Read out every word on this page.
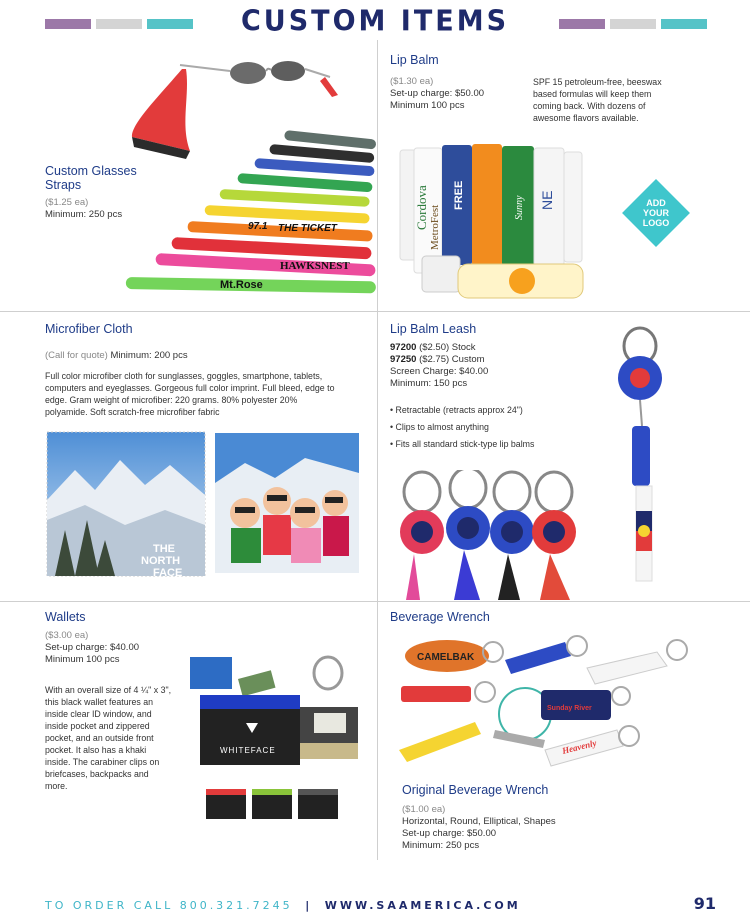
CUSTOM ITEMS
Custom Glasses Straps
($1.25 ea)
Minimum: 250 pcs
97.1 THE TICKET
HAWKSNEST
Mt.Rose
Lip Balm
($1.30 ea)
Set-up charge: $50.00
Minimum 100 pcs
SPF 15 petroleum-free, beeswax based formulas will keep them coming back. With dozens of awesome flavors available.
Cordova MetroFest
FREE	NE
Sunny	ADD
YOUR
LOGO
Microfiber Cloth
(Call for quote) Minimum: 200 pcs
Full color microfiber cloth for sunglasses, goggles, smartphone, tablets, computers and eyeglasses. Gorgeous full color imprint. Full bleed, edge to edge. Gram weight of microfiber: 220 grams. 80% polyester 20% polyamide. Soft scratch-free microfiber fabric
THE
NORTH
FACE
Lip Balm Leash
97200 ($2.50) Stock
97250 ($2.75) Custom
Screen Charge: $40.00
Minimum: 150 pcs
• Retractable (retracts approx 24")
• Clips to almost anything
• Fits all standard stick-type lip balms
Wallets
($3.00 ea)
Set-up charge: $40.00
Minimum 100 pcs
With an overall size of 4 ¼" x 3", this black wallet features an inside clear ID window, and inside pocket and zippered pocket, and an outside front pocket. It also has a khaki inside. The carabiner clips on briefcases, backpacks and more.
WHITEFACE
Beverage Wrench
CAMELBAK
Sunday River
Heavenly
Original Beverage Wrench
($1.00 ea)
Horizontal, Round, Elliptical, Shapes
Set-up charge: $50.00
Minimum: 250 pcs
TO ORDER CALL 800.321.7245 | WWW.SAAMERICA.COM	91
